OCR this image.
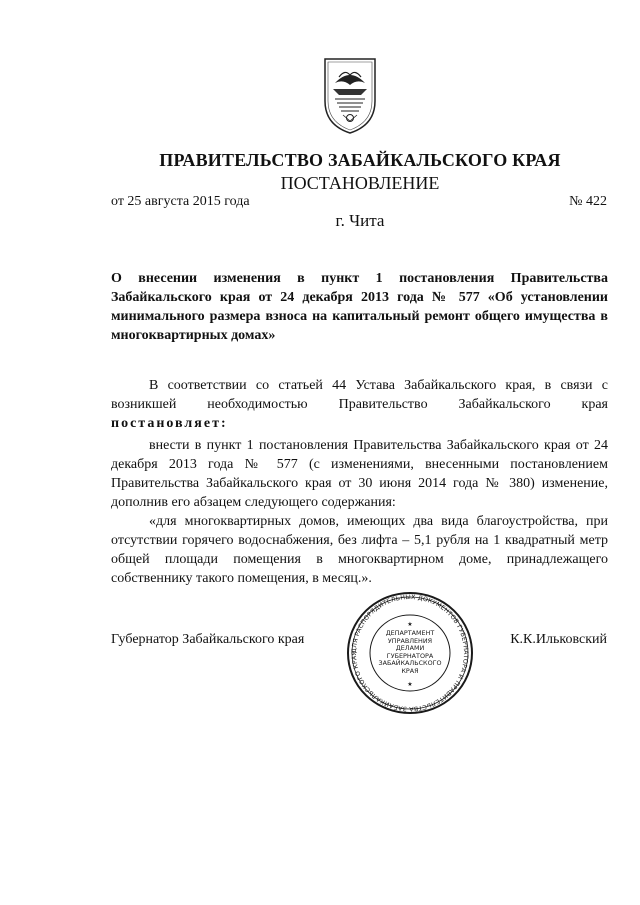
ПРАВИТЕЛЬСТВО ЗАБАЙКАЛЬСКОГО КРАЯ
ПОСТАНОВЛЕНИЕ
от 25 августа 2015 года	№ 422
г. Чита
О внесении изменения в пункт 1 постановления Правительства Забайкальского края от 24 декабря 2013 года № 577 «Об установлении минимального размера взноса на капитальный ремонт общего имущества в многоквартирных домах»
В соответствии со статьей 44 Устава Забайкальского края, в связи с возникшей необходимостью Правительство Забайкальского края постановляет:
внести в пункт 1 постановления Правительства Забайкальского края от 24 декабря 2013 года № 577 (с изменениями, внесенными постановлением Правительства Забайкальского края от 30 июня 2014 года № 380) изменение, дополнив его абзацем следующего содержания:
«для многоквартирных домов, имеющих два вида благоустройства, при отсутствии горячего водоснабжения, без лифта – 5,1 рубля на 1 квадратный метр общей площади помещения в многоквартирном доме, принадлежащего собственнику такого помещения, в месяц.».
Губернатор Забайкальского края	К.К.Ильковский
ДЛЯ РАСПОРЯДИТЕЛЬНЫХ ДОКУМЕНТОВ ГУБЕРНАТОРА И ПРАВИТЕЛЬСТВА ЗАБАЙКАЛЬСКОГО КРАЯ
ДЕПАРТАМЕНТ УПРАВЛЕНИЯ ДЕЛАМИ ГУБЕРНАТОРА ЗАБАЙКАЛЬСКОГО КРАЯ
★
★
